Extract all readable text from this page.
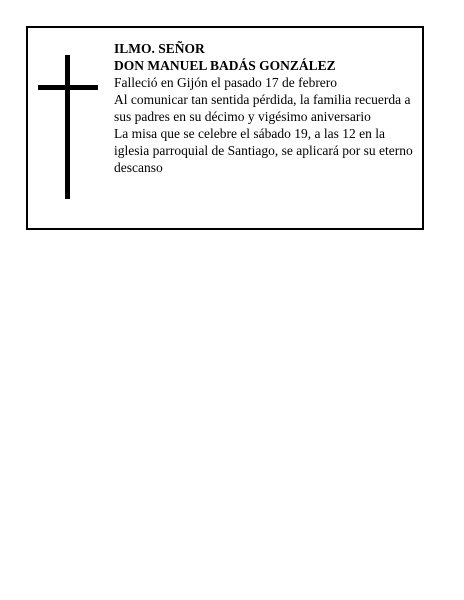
ILMO. SEÑOR

DON MANUEL BADÁS GONZÁLEZ

Falleció en Gijón el pasado 17 de febrero

Al comunicar tan sentida pérdida, la familia recuerda a sus padres en su décimo y vigésimo aniversario

La misa que se celebre el sábado 19, a las 12 en la iglesia parroquial de Santiago, se aplicará por su eterno descanso
